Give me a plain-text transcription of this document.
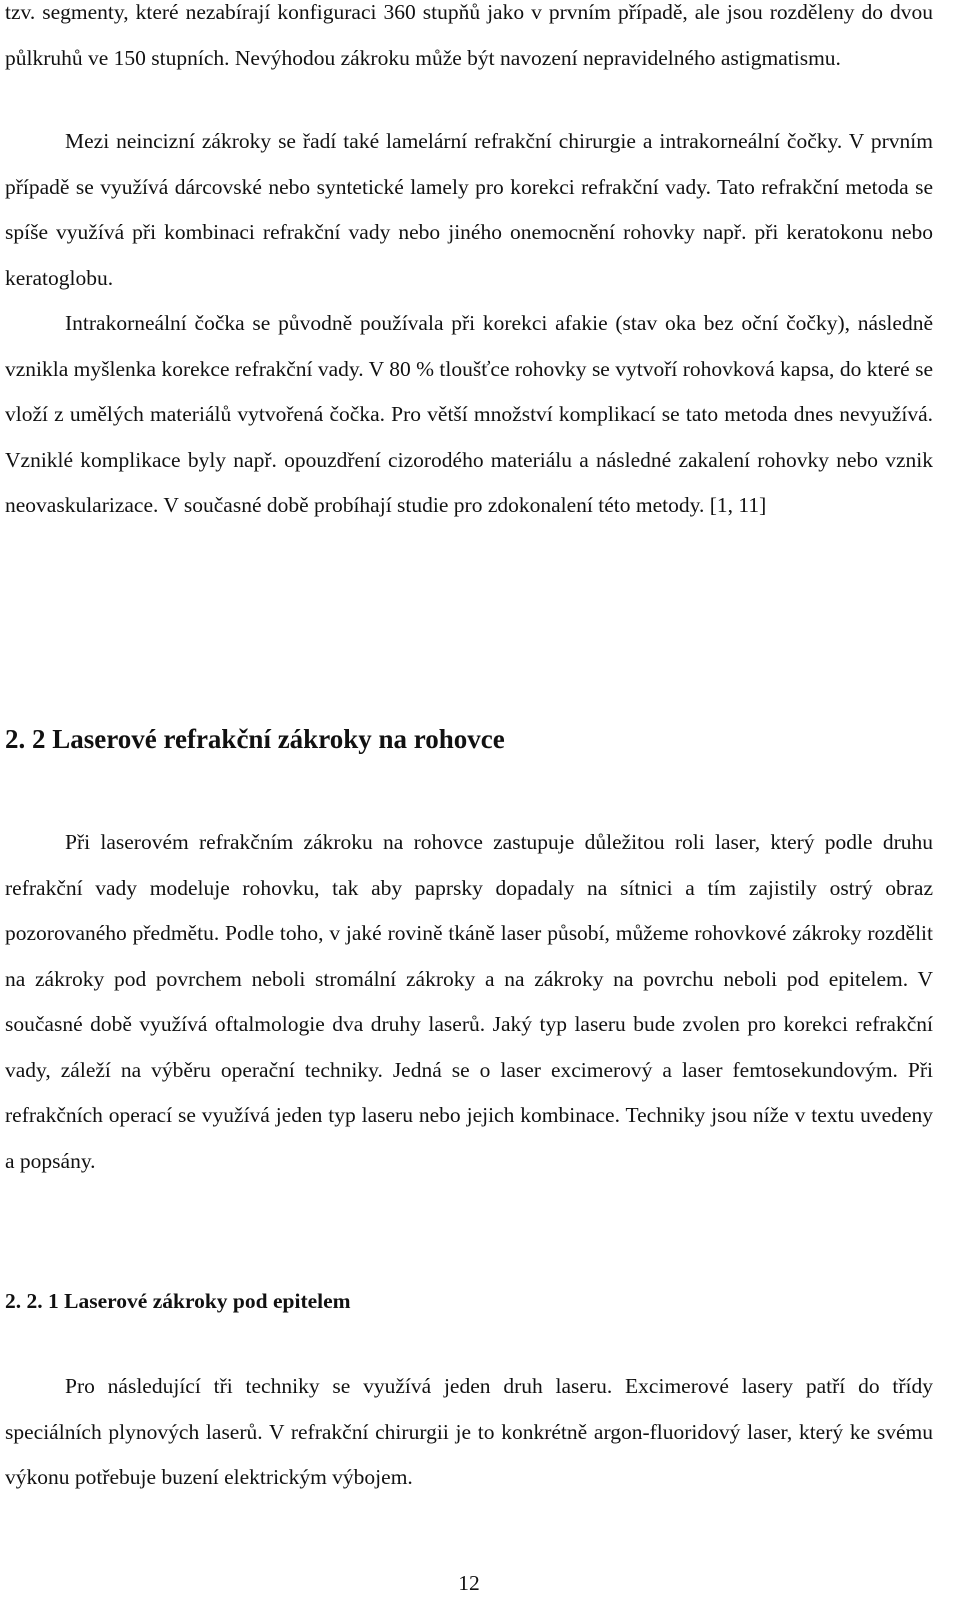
tzv. segmenty, které nezabírají konfiguraci 360 stupňů jako v prvním případě, ale jsou rozděleny do dvou půlkruhů ve 150 stupních. Nevýhodou zákroku může být navození nepravidelného astigmatismu.

Mezi neincizní zákroky se řadí také lamelární refrakční chirurgie a intrakorneální čočky. V prvním případě se využívá dárcovské nebo syntetické lamely pro korekci refrakční vady. Tato refrakční metoda se spíše využívá při kombinaci refrakční vady nebo jiného onemocnění rohovky např. při keratokonu nebo keratoglobu.

Intrakorneální čočka se původně používala při korekci afakie (stav oka bez oční čočky), následně vznikla myšlenka korekce refrakční vady. V 80 % tloušťce rohovky se vytvoří rohovková kapsa, do které se vloží z umělých materiálů vytvořená čočka. Pro větší množství komplikací se tato metoda dnes nevyužívá. Vzniklé komplikace byly např. opouzdření cizorodého materiálu a následné zakalení rohovky nebo vznik neovaskularizace. V současné době probíhají studie pro zdokonalení této metody. [1, 11]

2. 2 Laserové refrakční zákroky na rohovce

Při laserovém refrakčním zákroku na rohovce zastupuje důležitou roli laser, který podle druhu refrakční vady modeluje rohovku, tak aby paprsky dopadaly na sítnici a tím zajistily ostrý obraz pozorovaného předmětu. Podle toho, v jaké rovině tkáně laser působí, můžeme rohovkové zákroky rozdělit na zákroky pod povrchem neboli stromální zákroky a na zákroky na povrchu neboli pod epitelem. V současné době využívá oftalmologie dva druhy laserů. Jaký typ laseru bude zvolen pro korekci refrakční vady, záleží na výběru operační techniky. Jedná se o laser excimerový a laser femtosekundovým. Při refrakčních operací se využívá jeden typ laseru nebo jejich kombinace. Techniky jsou níže v textu uvedeny a popsány.

2. 2. 1 Laserové zákroky pod epitelem

Pro následující tři techniky se využívá jeden druh laseru. Excimerové lasery patří do třídy speciálních plynových laserů. V refrakční chirurgii je to konkrétně argon-fluoridový laser, který ke svému výkonu potřebuje buzení elektrickým výbojem.

12
